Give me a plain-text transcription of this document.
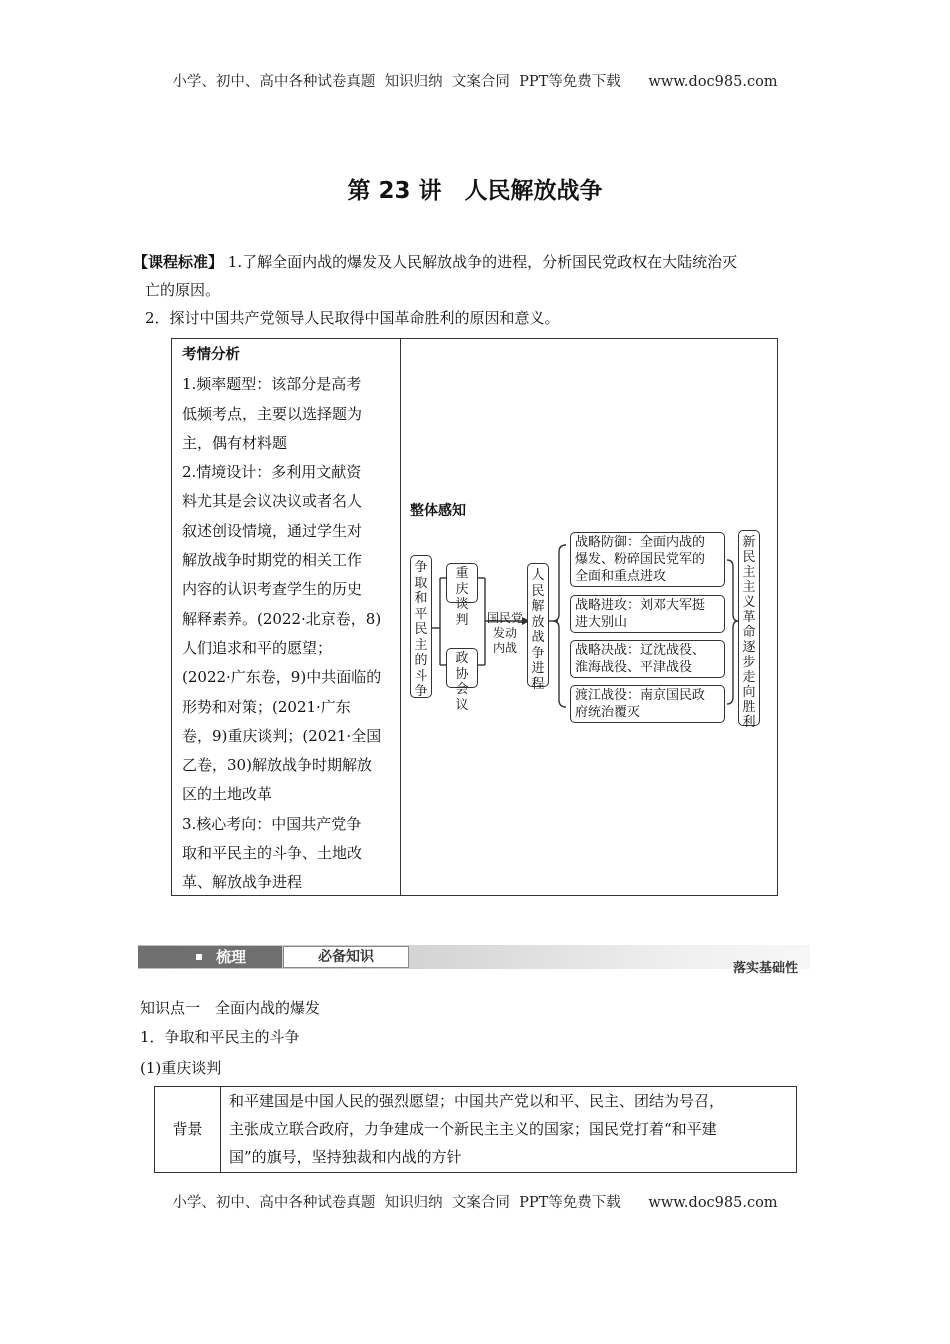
小学、初中、高中各种试卷真题  知识归纳  文案合同  PPT等免费下载      www.doc985.com
第 23 讲　人民解放战争
【课程标准】 1.了解全面内战的爆发及人民解放战争的进程，分析国民党政权在大陆统治灭
亡的原因。
2．探讨中国共产党领导人民取得中国革命胜利的原因和意义。
考情分析
1.频率题型：该部分是高考
低频考点，主要以选择题为
主，偶有材料题
2.情境设计：多利用文献资
料尤其是会议决议或者名人
叙述创设情境，通过学生对
解放战争时期党的相关工作
内容的认识考查学生的历史
解释素养。(2022·北京卷，8)
人们追求和平的愿望；
(2022·广东卷，9)中共面临的
形势和对策；(2021·广东
卷，9)重庆谈判；(2021·全国
乙卷，30)解放战争时期解放
区的土地改革
3.核心考向：中国共产党争
取和平民主的斗争、土地改
革、解放战争进程
整体感知
争
取
和
平
民
主
的
斗
争
重
庆
谈
判
政
协
会
议
国民党
发动
内战
人
民
解
放
战
争
进
程
战略防御：全面内战的
爆发、粉碎国民党军的
全面和重点进攻
战略进攻：刘邓大军挺
进大别山
战略决战：辽沈战役、
淮海战役、平津战役
渡江战役：南京国民政
府统治覆灭
新
民
主
主
义
革
命
逐
步
走
向
胜
利
梳理	必备知识
落实基础性
知识点一　全面内战的爆发
1．争取和平民主的斗争
(1)重庆谈判
背景
和平建国是中国人民的强烈愿望；中国共产党以和平、民主、团结为号召，
主张成立联合政府，力争建成一个新民主主义的国家；国民党打着“和平建
国”的旗号，坚持独裁和内战的方针
小学、初中、高中各种试卷真题  知识归纳  文案合同  PPT等免费下载      www.doc985.com
